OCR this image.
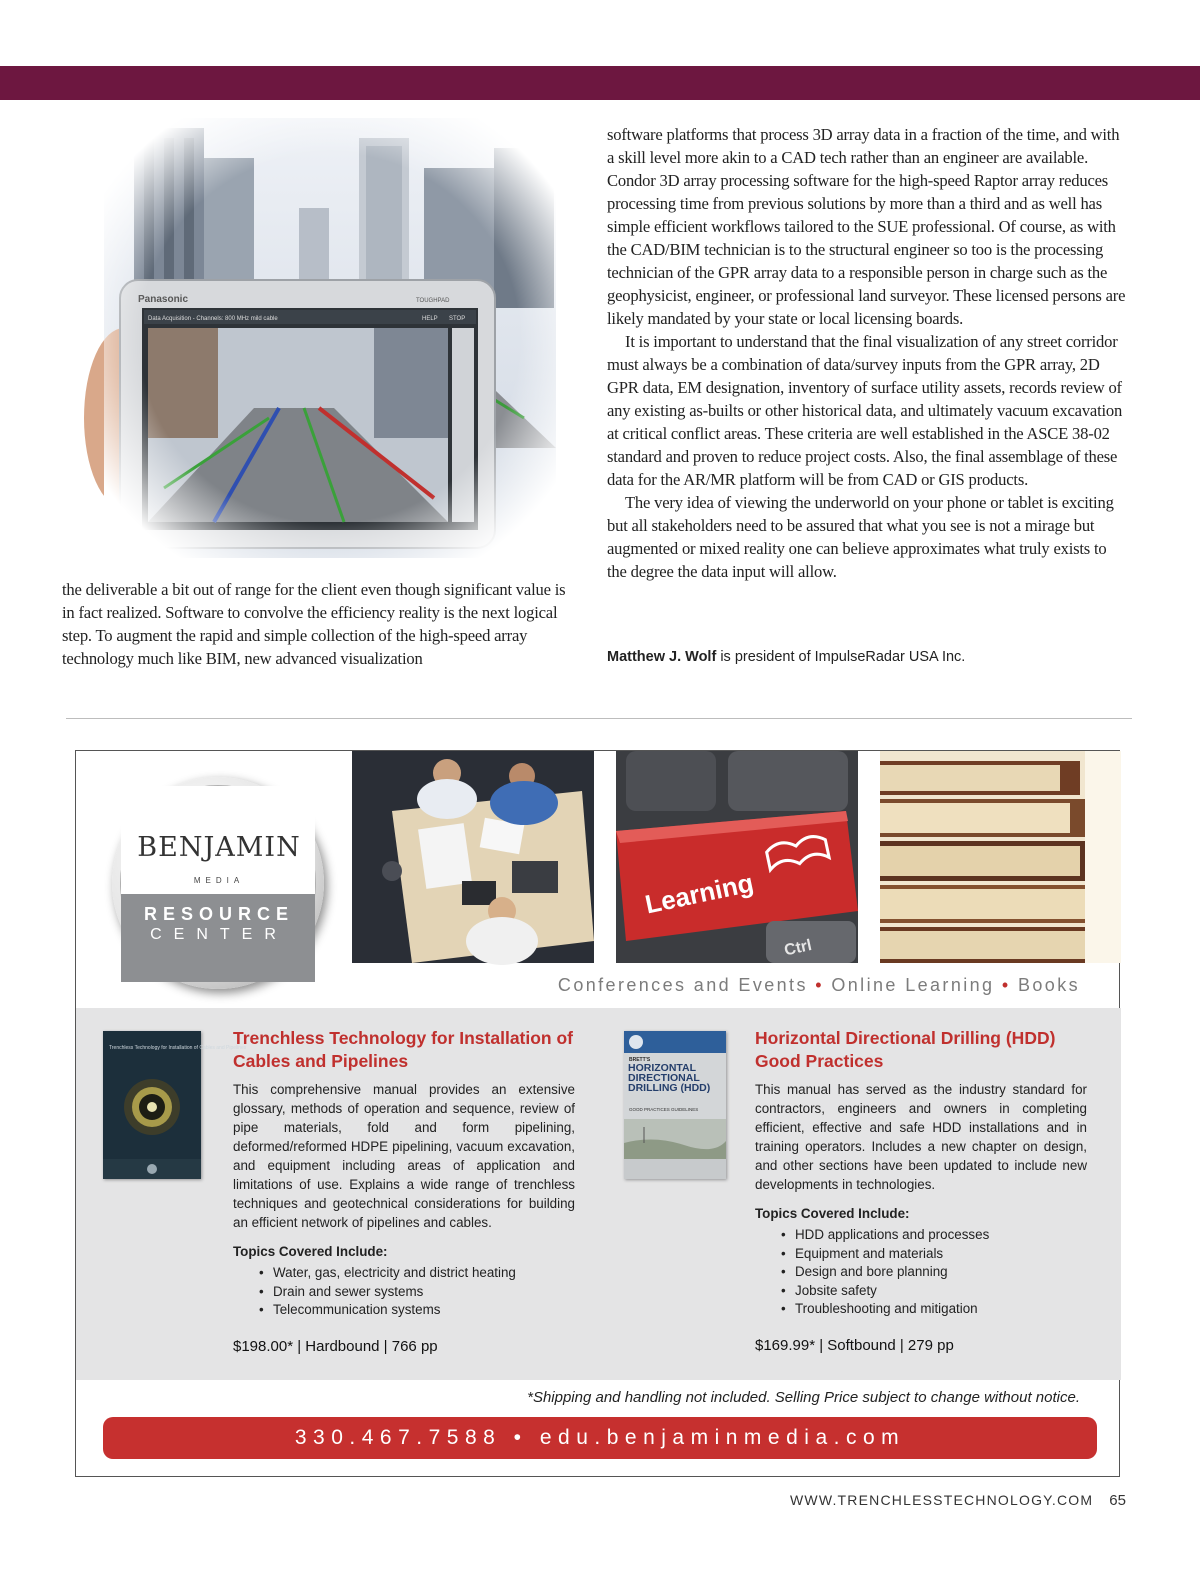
software platforms that process 3D array data in a fraction of the time, and with a skill level more akin to a CAD tech rather than an engineer are available. Condor 3D array processing software for the high-speed Raptor array reduces processing time from previous solutions by more than a third and as well has simple efficient workflows tailored to the SUE professional. Of course, as with the CAD/BIM technician is to the structural engineer so too is the processing technician of the GPR array data to a responsible person in charge such as the geophysicist, engineer, or professional land surveyor. These licensed persons are likely mandated by your state or local licensing boards.

It is important to understand that the final visualization of any street corridor must always be a combination of data/survey inputs from the GPR array, 2D GPR data, EM designation, inventory of surface utility assets, records review of any existing as-builts or other historical data, and ultimately vacuum excavation at critical conflict areas. These criteria are well established in the ASCE 38-02 standard and proven to reduce project costs. Also, the final assemblage of these data for the AR/MR platform will be from CAD or GIS products.

The very idea of viewing the underworld on your phone or tablet is exciting but all stakeholders need to be assured that what you see is not a mirage but augmented or mixed reality one can believe approximates what truly exists to the degree the data input will allow.

the deliverable a bit out of range for the client even though significant value is in fact realized. Software to convolve the efficiency reality is the next logical step. To augment the rapid and simple collection of the high-speed array technology much like BIM, new advanced visualization	Matthew J. Wolf is president of ImpulseRadar USA Inc.
BENJAMIN
MEDIA
RESOURCE
CENTER
Learning
Ctrl
Conferences and Events • Online Learning • Books
Trenchless Technology for Installation of Cables and Pipelines
Trenchless Technology for Installation of Cables and Pipelines
This comprehensive manual provides an extensive glossary, methods of operation and sequence, review of pipe materials, fold and form pipelining, deformed/reformed HDPE pipelining, vacuum excavation, and equipment including areas of application and limitations of use. Explains a wide range of trenchless techniques and geotechnical considerations for building an efficient network of pipelines and cables.
Topics Covered Include:
• Water, gas, electricity and district heating
• Drain and sewer systems
• Telecommunication systems
$198.00* | Hardbound | 766 pp
BRETT'S
HORIZONTAL DIRECTIONAL DRILLING (HDD)
GOOD PRACTICES GUIDELINES
Horizontal Directional Drilling (HDD) Good Practices
This manual has served as the industry standard for contractors, engineers and owners in completing efficient, effective and safe HDD installations and in training operators. Includes a new chapter on design, and other sections have been updated to include new developments in technologies.
Topics Covered Include:
• HDD applications and processes
• Equipment and materials
• Design and bore planning
• Jobsite safety
• Troubleshooting and mitigation
$169.99* | Softbound | 279 pp
*Shipping and handling not included. Selling Price subject to change without notice.
330.467.7588 • edu.benjaminmedia.com
WWW.TRENCHLESSTECHNOLOGY.COM 65
